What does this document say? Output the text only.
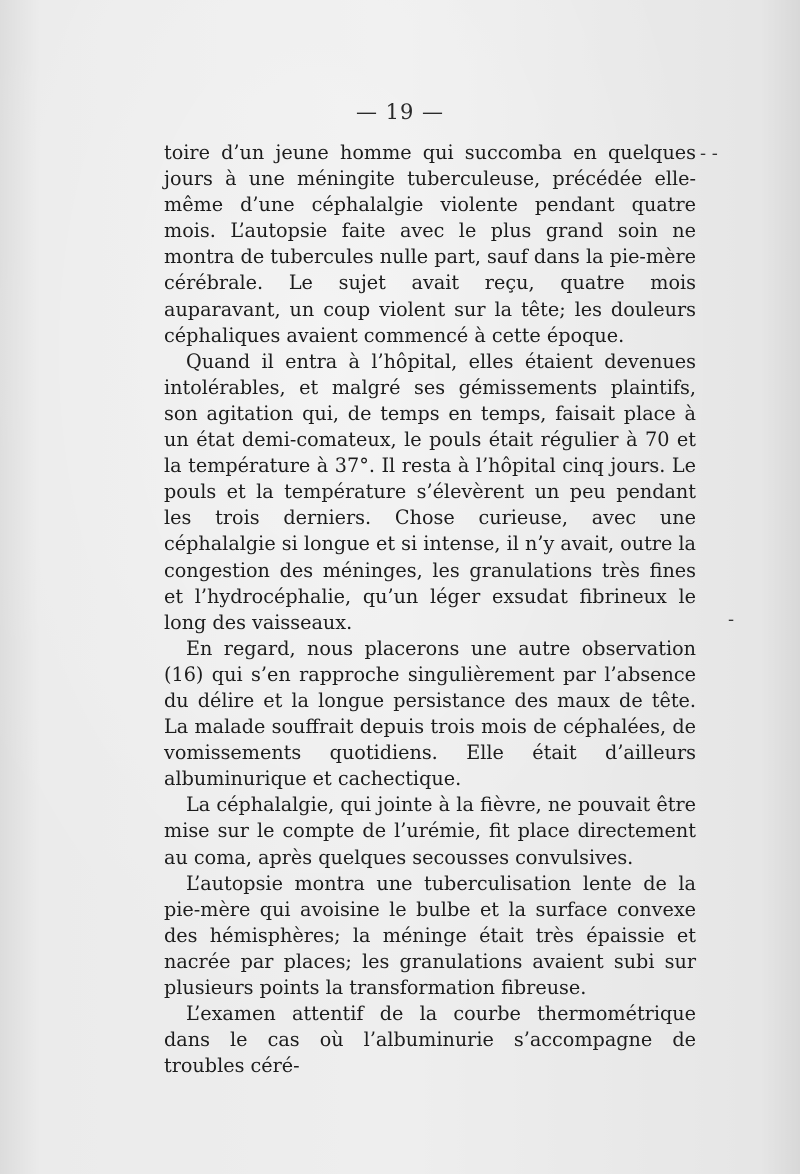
— 19 —

toire d’un jeune homme qui succomba en quelques jours à une méningite tuberculeuse, précédée elle-même d’une céphalalgie violente pendant quatre mois. L’autopsie faite avec le plus grand soin ne montra de tubercules nulle part, sauf dans la pie-mère cérébrale. Le sujet avait reçu, quatre mois auparavant, un coup violent sur la tête; les douleurs céphaliques avaient commencé à cette époque.

Quand il entra à l’hôpital, elles étaient devenues intolérables, et malgré ses gémissements plaintifs, son agitation qui, de temps en temps, faisait place à un état demi-comateux, le pouls était régulier à 70 et la température à 37°. Il resta à l’hôpital cinq jours. Le pouls et la température s’élevèrent un peu pendant les trois derniers. Chose curieuse, avec une céphalalgie si longue et si intense, il n’y avait, outre la congestion des méninges, les granulations très fines et l’hydrocéphalie, qu’un léger exsudat fibrineux le long des vaisseaux.

En regard, nous placerons une autre observation (16) qui s’en rapproche singulièrement par l’absence du délire et la longue persistance des maux de tête. La malade souffrait depuis trois mois de céphalées, de vomissements quotidiens. Elle était d’ailleurs albuminurique et cachectique.

La céphalalgie, qui jointe à la fièvre, ne pouvait être mise sur le compte de l’urémie, fit place directement au coma, après quelques secousses convulsives.

L’autopsie montra une tuberculisation lente de la pie-mère qui avoisine le bulbe et la surface convexe des hémisphères; la méninge était très épaissie et nacrée par places; les granulations avaient subi sur plusieurs points la transformation fibreuse.

L’examen attentif de la courbe thermométrique dans le cas où l’albuminurie s’accompagne de troubles céré-

- ‐
-
